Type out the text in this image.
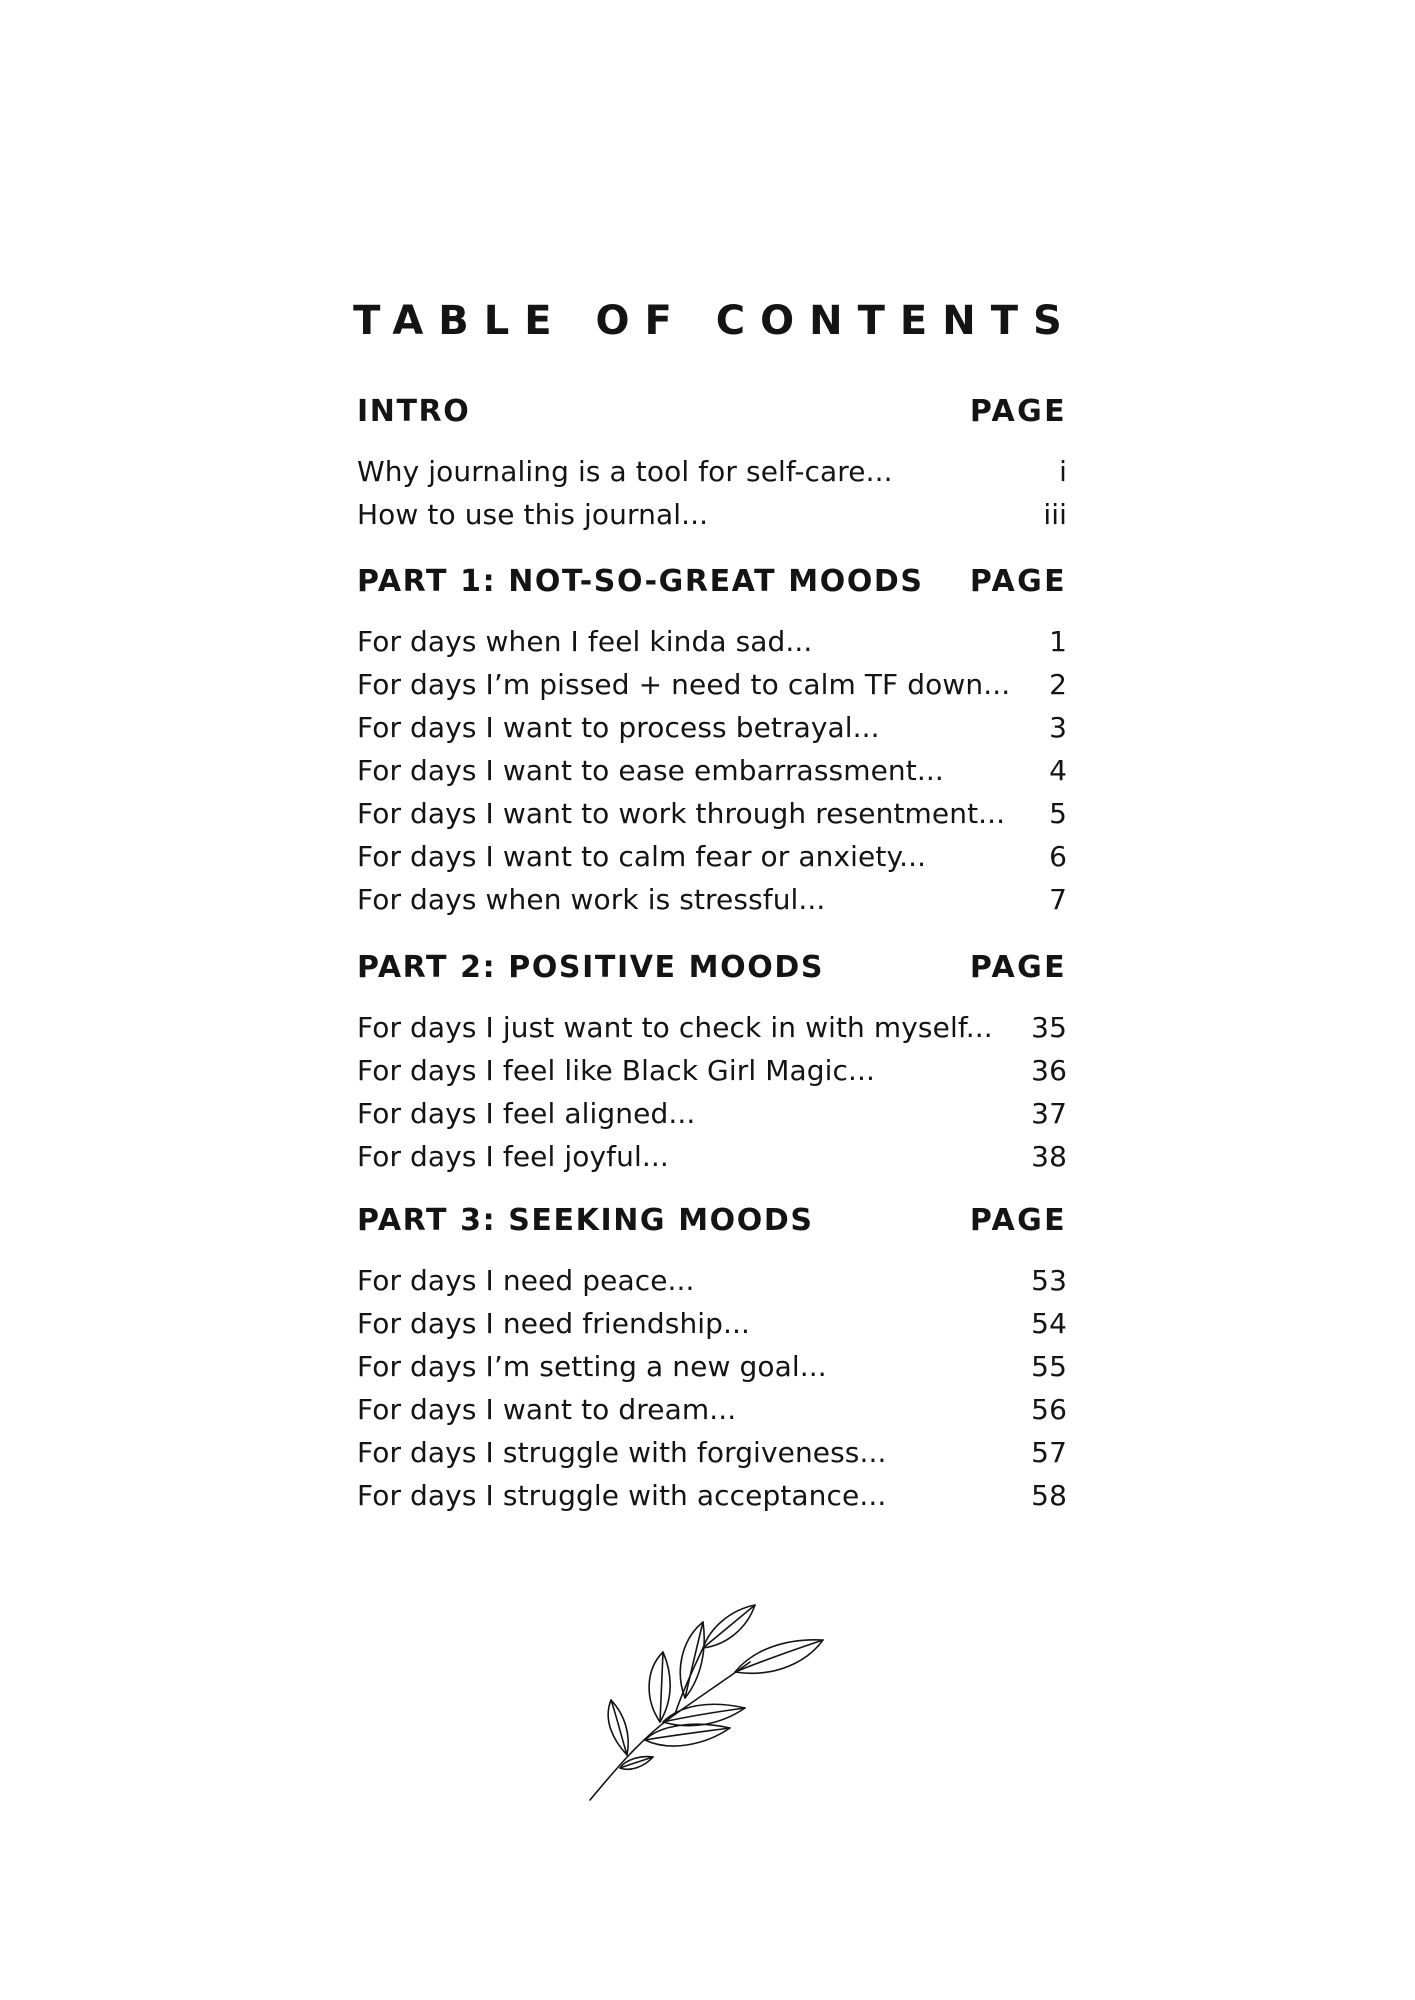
TABLE OF CONTENTS
INTRO	PAGE
Why journaling is a tool for self-care...	i
How to use this journal...	iii
PART 1: NOT-SO-GREAT MOODS PAGE
For days when I feel kinda sad...	1
For days I’m pissed + need to calm TF down...	2
For days I want to process betrayal...	3
For days I want to ease embarrassment...	4
For days I want to work through resentment...	5
For days I want to calm fear or anxiety...	6
For days when work is stressful...	7
PART 2: POSITIVE MOODS	PAGE
For days I just want to check in with myself... 35
For days I feel like Black Girl Magic...	36
For days I feel aligned...	37
For days I feel joyful...	38
PART 3: SEEKING MOODS	PAGE
For days I need peace...	53
For days I need friendship...	54
For days I’m setting a new goal...	55
For days I want to dream...	56
For days I struggle with forgiveness...	57
For days I struggle with acceptance...	58
